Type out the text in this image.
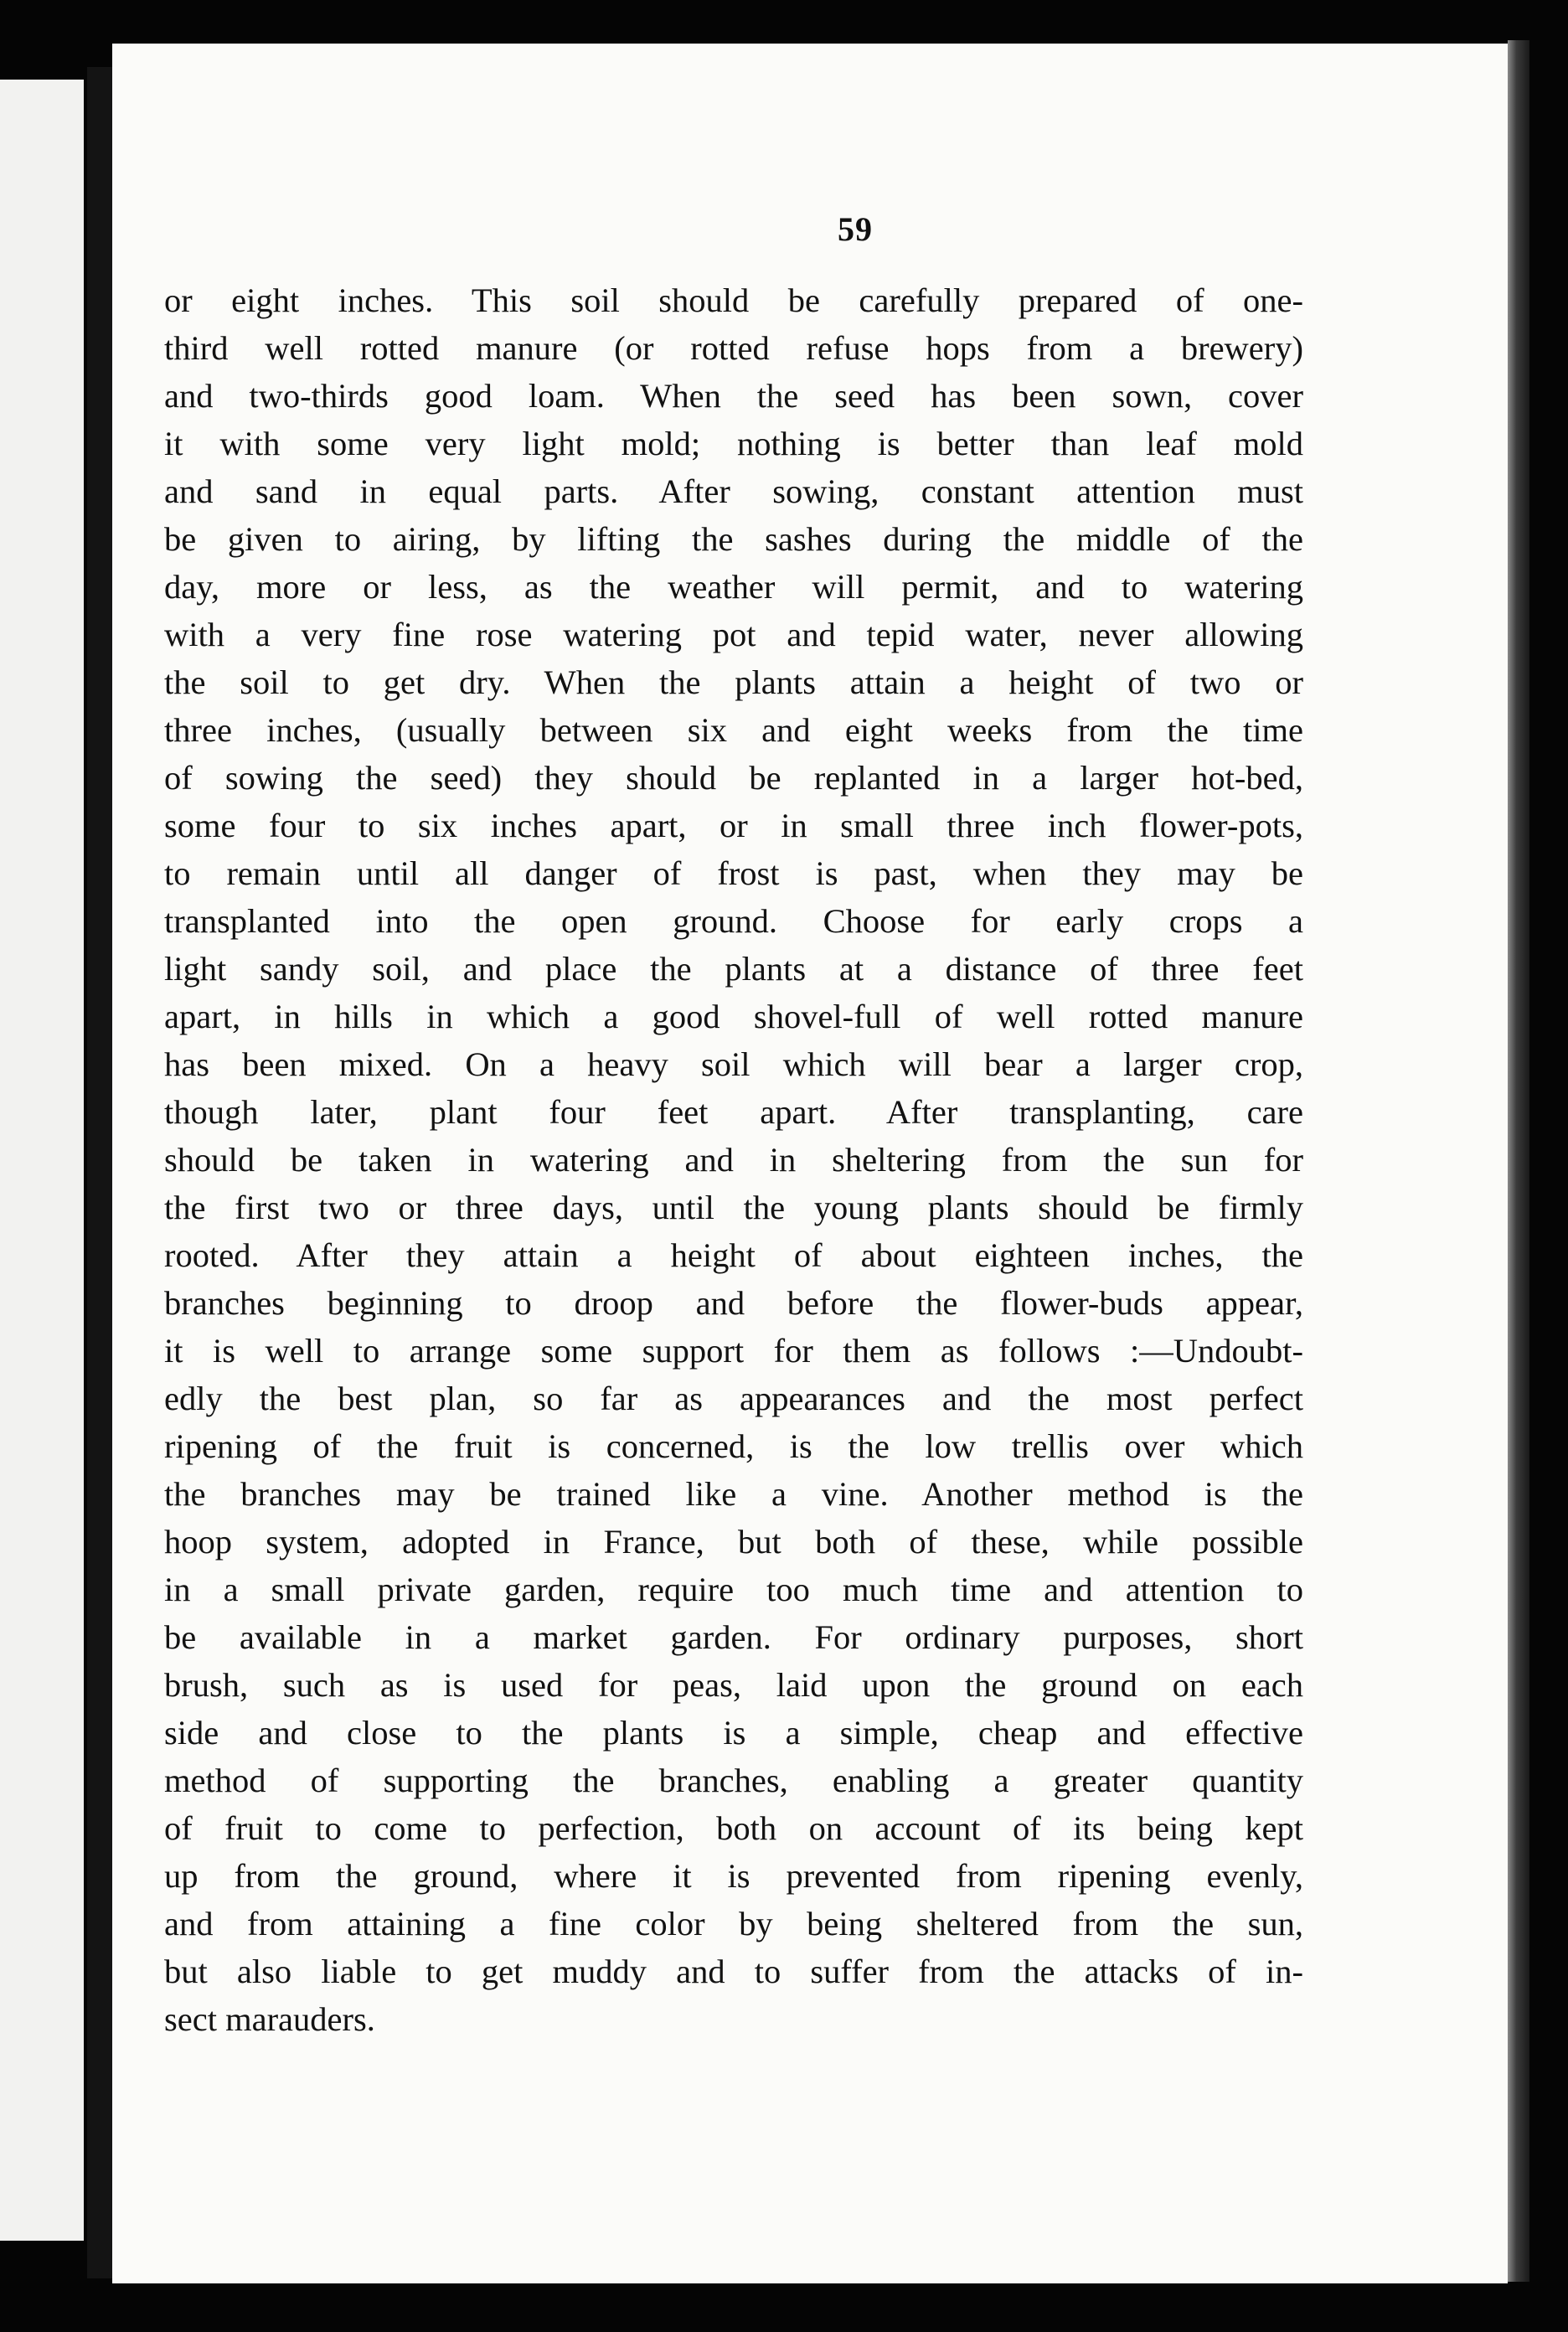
59
or eight inches. This soil should be carefully prepared of one-
third well rotted manure (or rotted refuse hops from a brewery)
and two-thirds good loam. When the seed has been sown, cover
it with some very light mold; nothing is better than leaf mold
and sand in equal parts. After sowing, constant attention must
be given to airing, by lifting the sashes during the middle of the
day, more or less, as the weather will permit, and to watering
with a very fine rose watering pot and tepid water, never allowing
the soil to get dry. When the plants attain a height of two or
three inches, (usually between six and eight weeks from the time
of sowing the seed) they should be replanted in a larger hot-bed,
some four to six inches apart, or in small three inch flower-pots,
to remain until all danger of frost is past, when they may be
transplanted into the open ground. Choose for early crops a
light sandy soil, and place the plants at a distance of three feet
apart, in hills in which a good shovel-full of well rotted manure
has been mixed. On a heavy soil which will bear a larger crop,
though later, plant four feet apart. After transplanting, care
should be taken in watering and in sheltering from the sun for
the first two or three days, until the young plants should be firmly
rooted. After they attain a height of about eighteen inches, the
branches beginning to droop and before the flower-buds appear,
it is well to arrange some support for them as follows :—Undoubt-
edly the best plan, so far as appearances and the most perfect
ripening of the fruit is concerned, is the low trellis over which
the branches may be trained like a vine. Another method is the
hoop system, adopted in France, but both of these, while possible
in a small private garden, require too much time and attention to
be available in a market garden. For ordinary purposes, short
brush, such as is used for peas, laid upon the ground on each
side and close to the plants is a simple, cheap and effective
method of supporting the branches, enabling a greater quantity
of fruit to come to perfection, both on account of its being kept
up from the ground, where it is prevented from ripening evenly,
and from attaining a fine color by being sheltered from the sun,
but also liable to get muddy and to suffer from the attacks of in-
sect marauders.
